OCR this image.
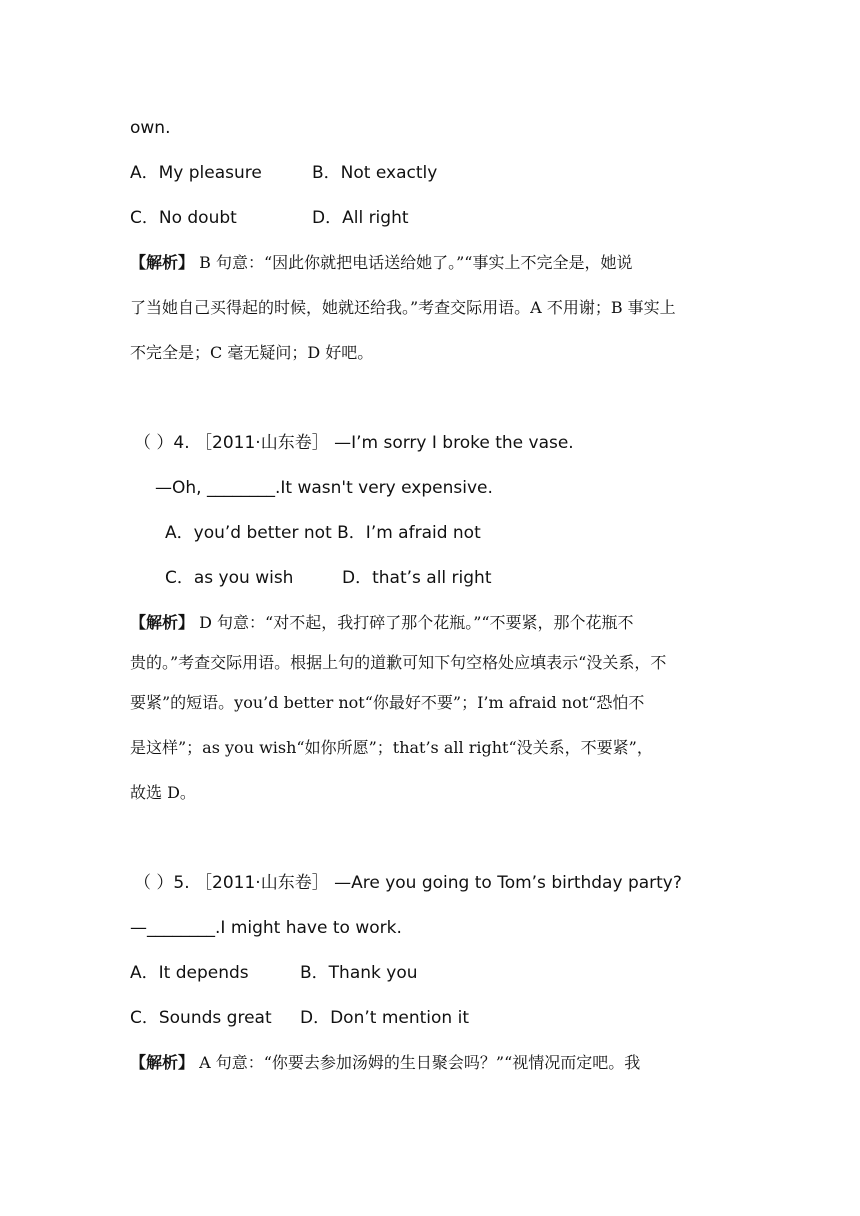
own.
A．My pleasure	B．Not exactly
C．No doubt	D．All right
【解析】 B 句意：“因此你就把电话送给她了。”“事实上不完全是，她说
了当她自己买得起的时候，她就还给我。”考查交际用语。A 不用谢；B 事实上
不完全是；C 毫无疑问；D 好吧。
（ ）4. ［2011·山东卷］ —I’m sorry I broke the vase.
—Oh, ________.It wasn't very expensive.
A．you’d better not B．I’m afraid not
C．as you wish	D．that’s all right
【解析】 D 句意：“对不起，我打碎了那个花瓶。”“不要紧，那个花瓶不
贵的。”考查交际用语。根据上句的道歉可知下句空格处应填表示“没关系，不
要紧”的短语。you’d better not“你最好不要”；I’m afraid not“恐怕不
是这样”；as you wish“如你所愿”；that’s all right“没关系，不要紧”，
故选 D。
（ ）5. ［2011·山东卷］ —Are you going to Tom’s birthday party?
—________.I might have to work.
A．It depends	B．Thank you
C．Sounds great D．Don’t mention it
【解析】 A 句意：“你要去参加汤姆的生日聚会吗？”“视情况而定吧。我
